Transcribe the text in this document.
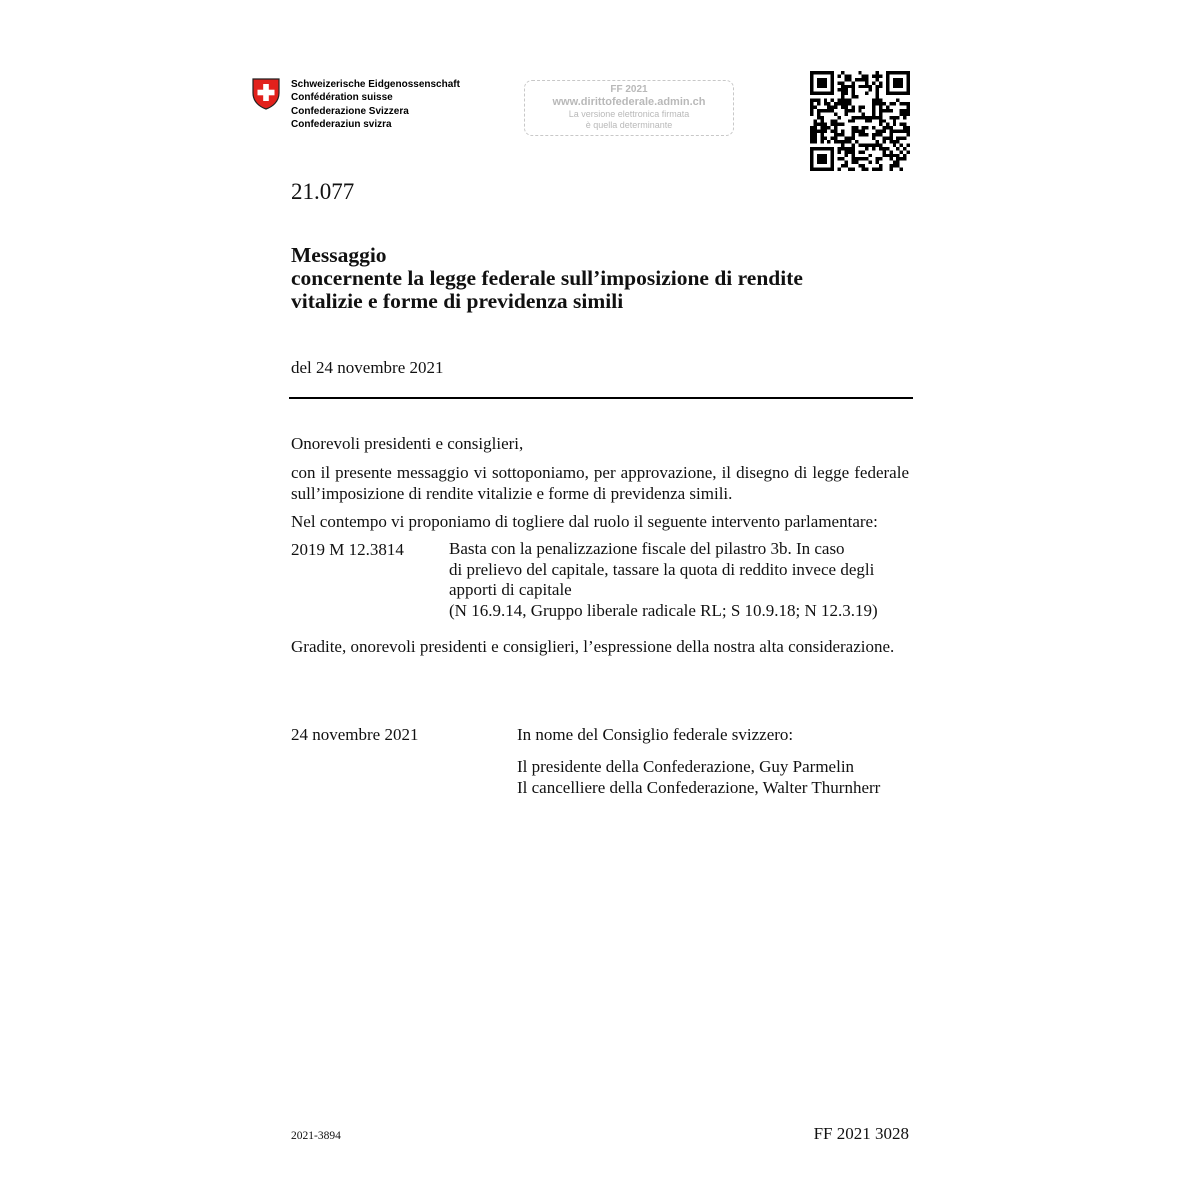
Schweizerische Eidgenossenschaft
Confédération suisse
Confederazione Svizzera
Confederaziun svizra
FF 2021
www.dirittofederale.admin.ch
La versione elettronica firmata
è quella determinante
21.077
Messaggio
concernente la legge federale sull’imposizione di rendite
vitalizie e forme di previdenza simili
del 24 novembre 2021
Onorevoli presidenti e consiglieri,
con il presente messaggio vi sottoponiamo, per approvazione, il disegno di legge federale sull’imposizione di rendite vitalizie e forme di previdenza simili.
Nel contempo vi proponiamo di togliere dal ruolo il seguente intervento parlamentare:
2019 M 12.3814	Basta con la penalizzazione fiscale del pilastro 3b. In caso
di prelievo del capitale, tassare la quota di reddito invece degli
apporti di capitale
(N 16.9.14, Gruppo liberale radicale RL; S 10.9.18; N 12.3.19)
Gradite, onorevoli presidenti e consiglieri, l’espressione della nostra alta considerazione.
24 novembre 2021	In nome del Consiglio federale svizzero:
Il presidente della Confederazione, Guy Parmelin
Il cancelliere della Confederazione, Walter Thurnherr
2021-3894	FF 2021 3028
